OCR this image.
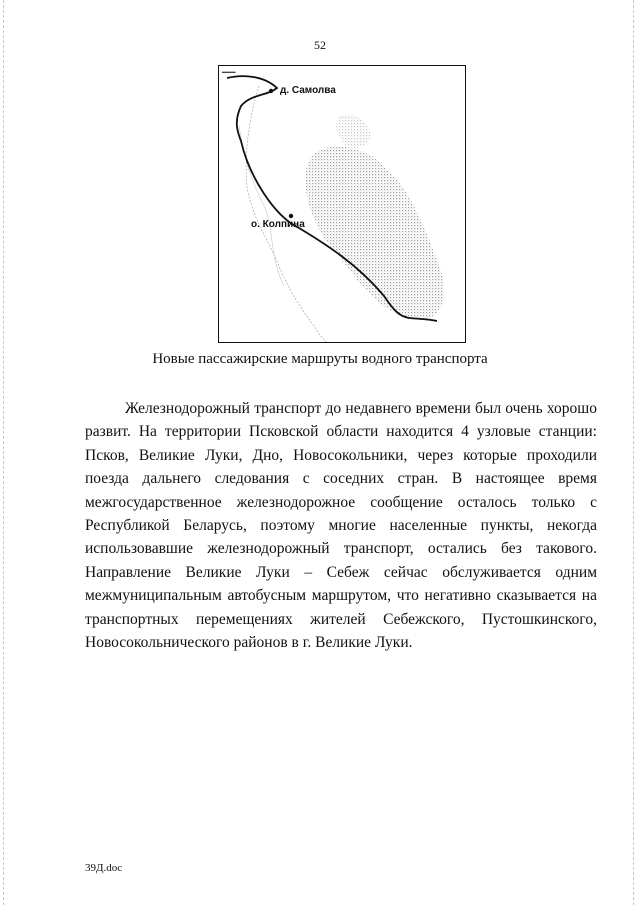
52
д. Самолва
о. Колпина
▬▬▬
Новые пассажирские маршруты водного транспорта

Железнодорожный транспорт до недавнего времени был очень хорошо развит. На территории Псковской области находится 4 узловые станции: Псков, Великие Луки, Дно, Новосокольники, через которые проходили поезда дальнего следования с соседних стран. В настоящее время межгосударственное железнодорожное сообщение осталось только с Республикой Беларусь, поэтому многие населенные пункты, некогда использовавшие железнодорожный транспорт, остались без такового. Направление Великие Луки – Себеж сейчас обслуживается одним межмуниципальным автобусным маршрутом, что негативно сказывается на транспортных перемещениях жителей Себежского, Пустошкинского, Новосокольнического районов в г. Великие Луки.

39Д.doc
